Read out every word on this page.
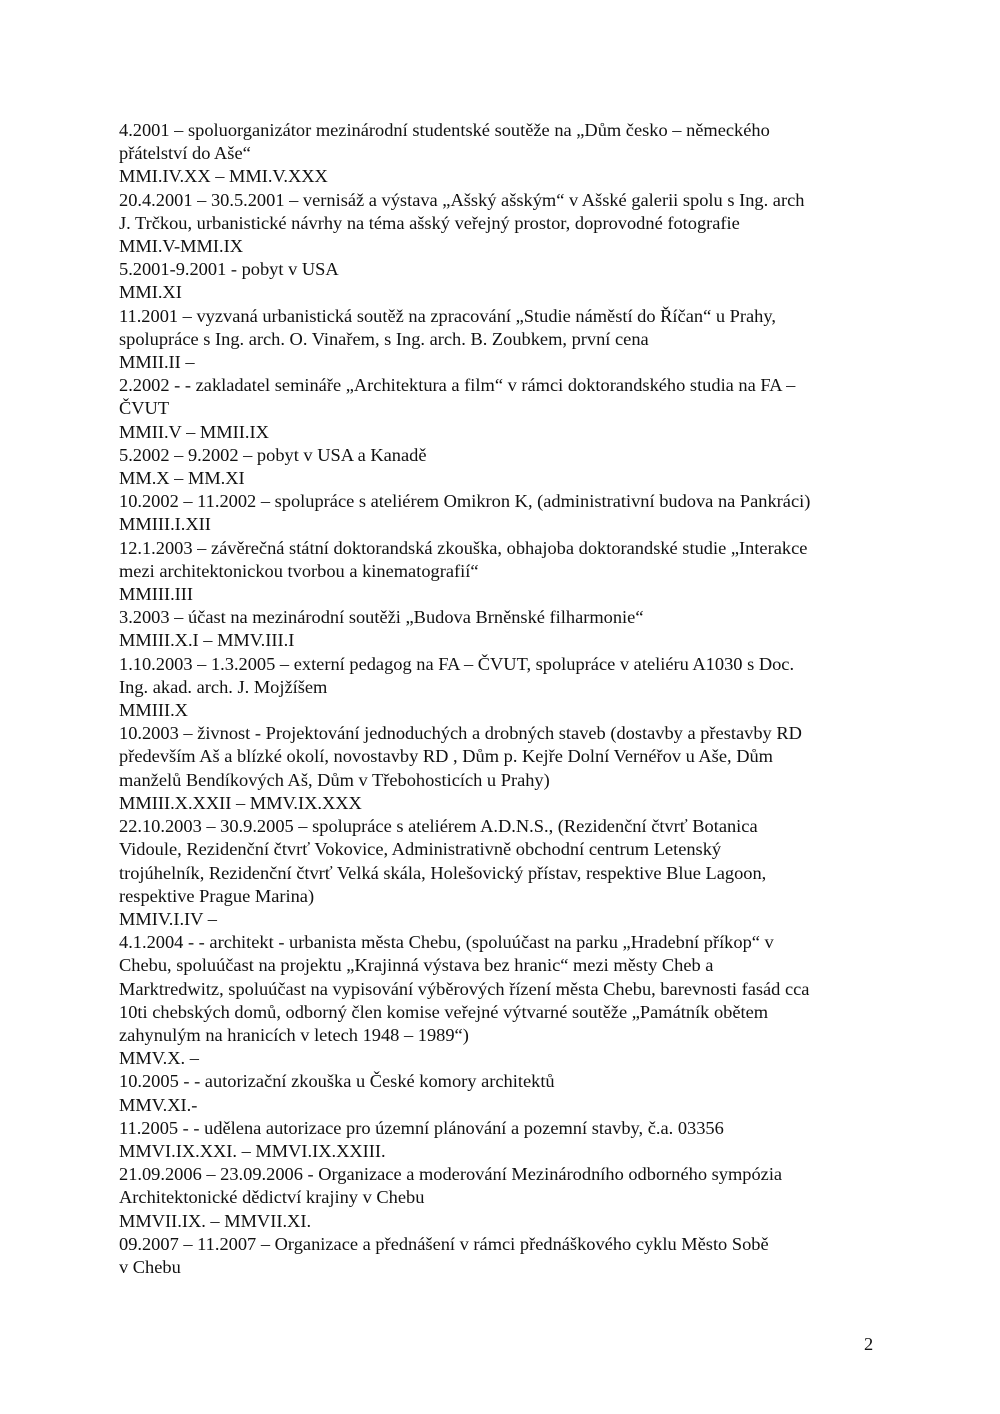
4.2001 – spoluorganizátor mezinárodní studentské soutěže na „Dům česko – německého
přátelství do Aše“
MMI.IV.XX – MMI.V.XXX
20.4.2001 – 30.5.2001 – vernisáž a výstava „Ašský ašským“ v Ašské galerii spolu s Ing. arch
J. Trčkou, urbanistické návrhy na téma ašský veřejný prostor, doprovodné fotografie
MMI.V-MMI.IX
5.2001-9.2001 - pobyt v USA
MMI.XI
11.2001 – vyzvaná urbanistická soutěž na zpracování „Studie náměstí do Říčan“ u Prahy,
spolupráce s Ing. arch. O. Vinařem, s Ing. arch. B. Zoubkem, první cena
MMII.II –
2.2002 - - zakladatel semináře „Architektura a film“ v rámci doktorandského studia na FA –
ČVUT
MMII.V – MMII.IX
5.2002 – 9.2002 – pobyt v USA a Kanadě
MM.X – MM.XI
10.2002 – 11.2002 – spolupráce s ateliérem Omikron K, (administrativní budova na Pankráci)
MMIII.I.XII
12.1.2003 – závěrečná státní doktorandská zkouška, obhajoba doktorandské studie „Interakce
mezi architektonickou tvorbou a kinematografií“
MMIII.III
3.2003 – účast na mezinárodní soutěži „Budova Brněnské filharmonie“
MMIII.X.I – MMV.III.I
1.10.2003 – 1.3.2005 – externí pedagog na FA – ČVUT, spolupráce v ateliéru A1030 s Doc.
Ing. akad. arch. J. Mojžíšem
MMIII.X
10.2003 – živnost - Projektování jednoduchých a drobných staveb (dostavby a přestavby RD
především Aš a blízké okolí, novostavby RD , Dům p. Kejře Dolní Vernéřov u Aše, Dům
manželů Bendíkových Aš, Dům v Třebohosticích u Prahy)
MMIII.X.XXII – MMV.IX.XXX
22.10.2003 – 30.9.2005 – spolupráce s ateliérem A.D.N.S., (Rezidenční čtvrť Botanica
Vidoule, Rezidenční čtvrť Vokovice, Administrativně obchodní centrum Letenský
trojúhelník, Rezidenční čtvrť Velká skála, Holešovický přístav, respektive Blue Lagoon,
respektive Prague Marina)
MMIV.I.IV –
4.1.2004 - - architekt - urbanista města Chebu, (spoluúčast na parku „Hradební příkop“ v
Chebu, spoluúčast na projektu „Krajinná výstava bez hranic“ mezi městy Cheb a
Marktredwitz, spoluúčast na vypisování výběrových řízení města Chebu, barevnosti fasád cca
10ti chebských domů, odborný člen komise veřejné výtvarné soutěže „Památník obětem
zahynulým na hranicích v letech 1948 – 1989“)
MMV.X. –
10.2005 - - autorizační zkouška u České komory architektů
MMV.XI.-
11.2005 - - udělena autorizace pro územní plánování a pozemní stavby, č.a. 03356
MMVI.IX.XXI. – MMVI.IX.XXIII.
21.09.2006 – 23.09.2006 - Organizace a moderování Mezinárodního odborného sympózia
Architektonické dědictví krajiny v Chebu
MMVII.IX. – MMVII.XI.
09.2007 – 11.2007 – Organizace a přednášení v rámci přednáškového cyklu Město Sobě
v Chebu
2
